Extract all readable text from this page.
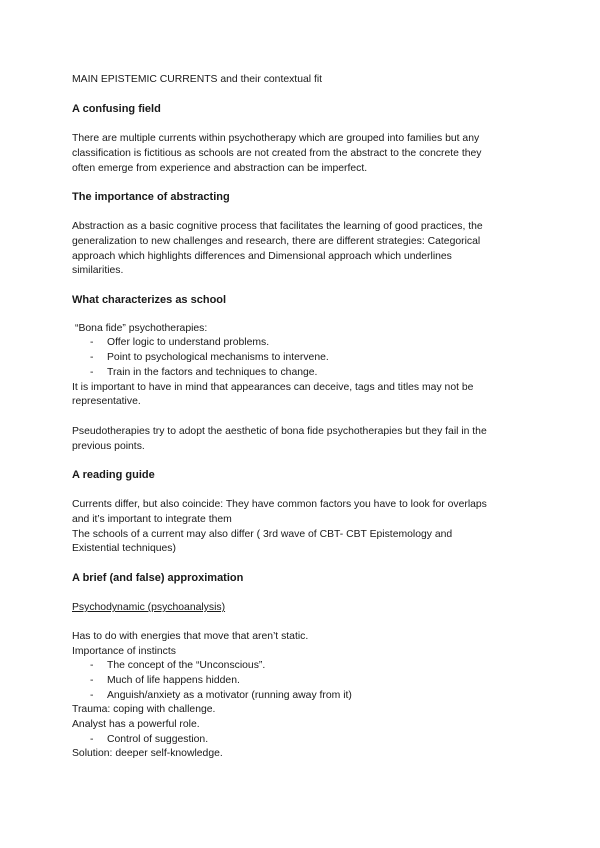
MAIN EPISTEMIC CURRENTS and their contextual fit
A confusing field
There are multiple currents within psychotherapy which are grouped into families but any
classification is fictitious as schools are not created from the abstract to the concrete they
often emerge from experience and abstraction can be imperfect.
The importance of abstracting
Abstraction as a basic cognitive process that facilitates the learning of good practices, the
generalization to new challenges and research, there are different strategies: Categorical
approach which highlights differences and Dimensional approach which underlines
similarities.
What characterizes as school
“Bona fide” psychotherapies:
- Offer logic to understand problems.
- Point to psychological mechanisms to intervene.
- Train in the factors and techniques to change.
It is important to have in mind that appearances can deceive, tags and titles may not be
representative.
Pseudotherapies try to adopt the aesthetic of bona fide psychotherapies but they fail in the
previous points.
A reading guide
Currents differ, but also coincide: They have common factors you have to look for overlaps
and it’s important to integrate them
The schools of a current may also differ ( 3rd wave of CBT- CBT Epistemology and
Existential techniques)
A brief (and false) approximation
Psychodynamic (psychoanalysis)
Has to do with energies that move that aren’t static.
Importance of instincts
- The concept of the “Unconscious”.
- Much of life happens hidden.
- Anguish/anxiety as a motivator (running away from it)
Trauma: coping with challenge.
Analyst has a powerful role.
- Control of suggestion.
Solution: deeper self-knowledge.
